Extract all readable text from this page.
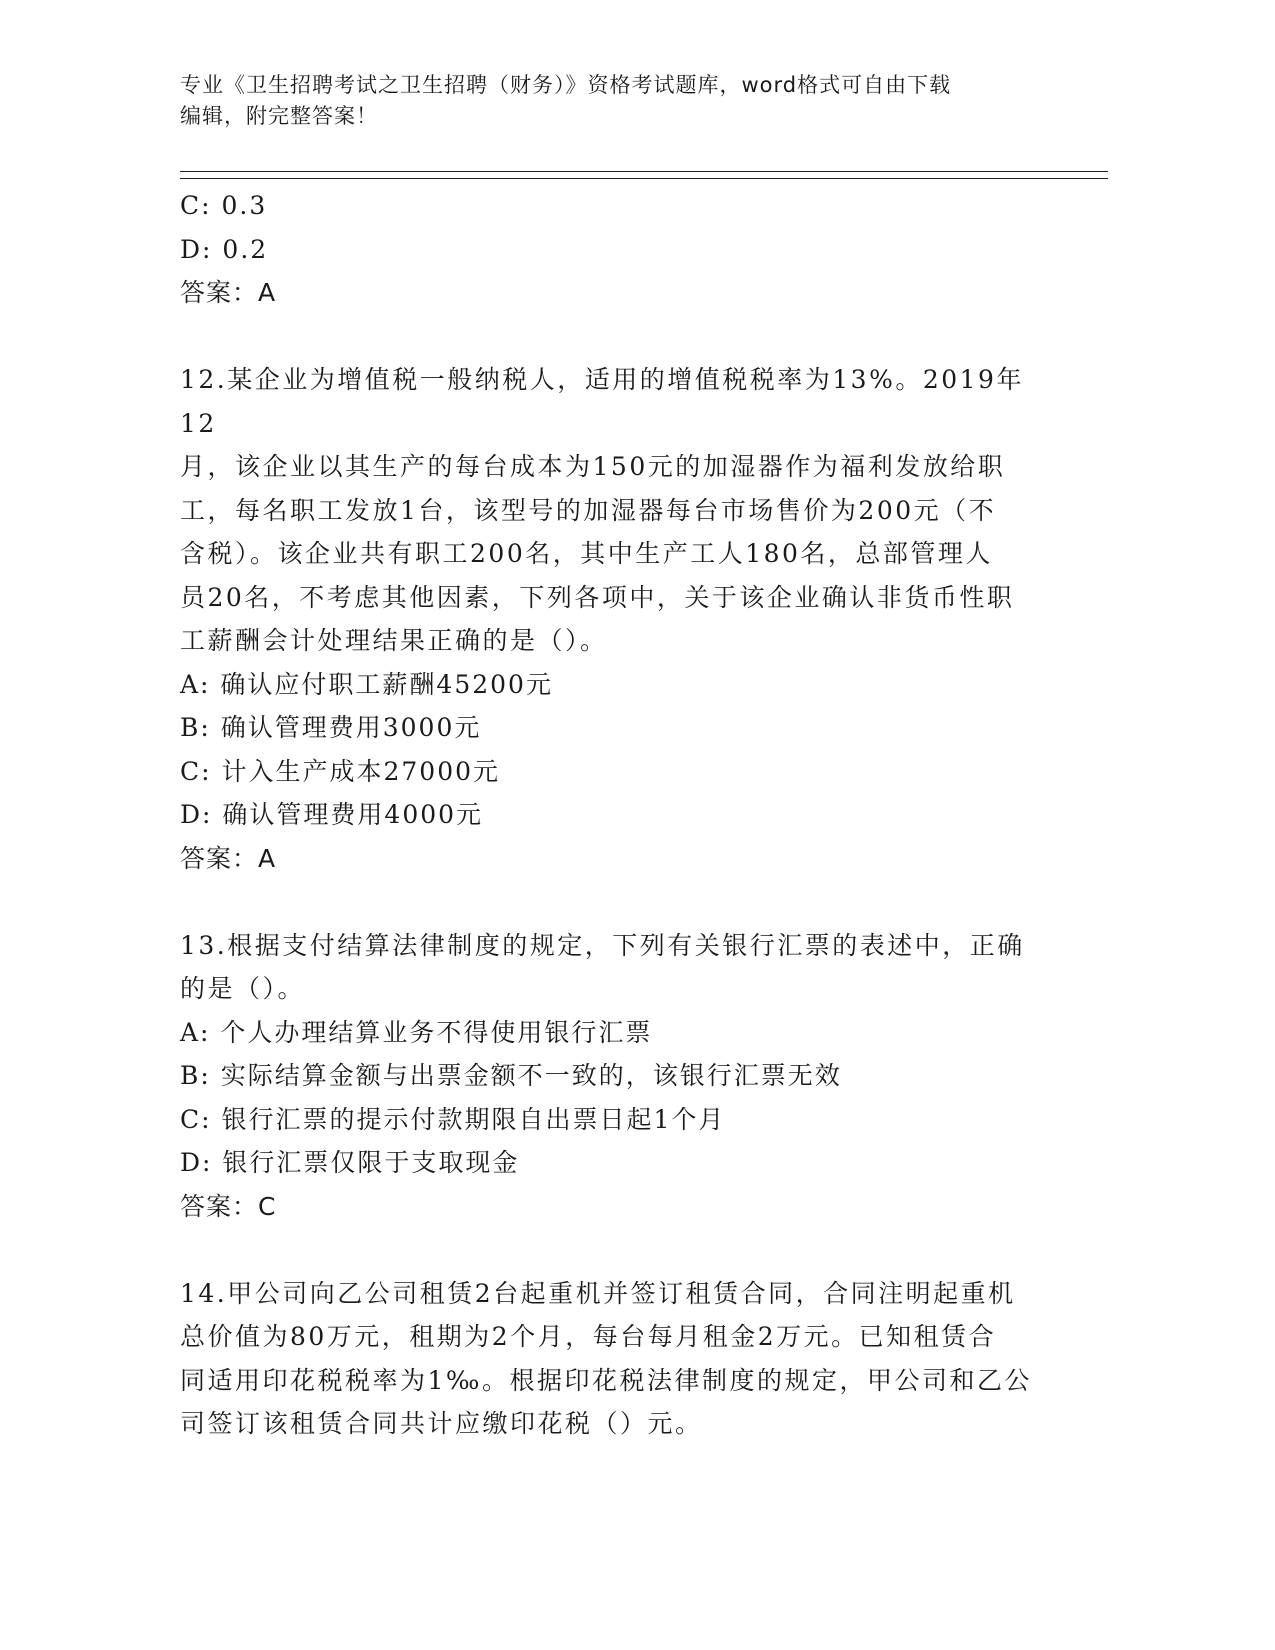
专业《卫生招聘考试之卫生招聘（财务）》资格考试题库，word格式可自由下载
编辑，附完整答案！
C: 0.3
D: 0.2
答案：A
12.某企业为增值税一般纳税人，适用的增值税税率为13%。2019年12
月，该企业以其生产的每台成本为150元的加湿器作为福利发放给职
工，每名职工发放1台，该型号的加湿器每台市场售价为200元（不
含税）。该企业共有职工200名，其中生产工人180名，总部管理人
员20名，不考虑其他因素，下列各项中，关于该企业确认非货币性职
工薪酬会计处理结果正确的是（）。
A: 确认应付职工薪酬45200元
B: 确认管理费用3000元
C: 计入生产成本27000元
D: 确认管理费用4000元
答案：A
13.根据支付结算法律制度的规定，下列有关银行汇票的表述中，正确
的是（）。
A: 个人办理结算业务不得使用银行汇票
B: 实际结算金额与出票金额不一致的，该银行汇票无效
C: 银行汇票的提示付款期限自出票日起1个月
D: 银行汇票仅限于支取现金
答案：C
14.甲公司向乙公司租赁2台起重机并签订租赁合同，合同注明起重机
总价值为80万元，租期为2个月，每台每月租金2万元。已知租赁合
同适用印花税税率为1‰。根据印花税法律制度的规定，甲公司和乙公
司签订该租赁合同共计应缴印花税（）元。
